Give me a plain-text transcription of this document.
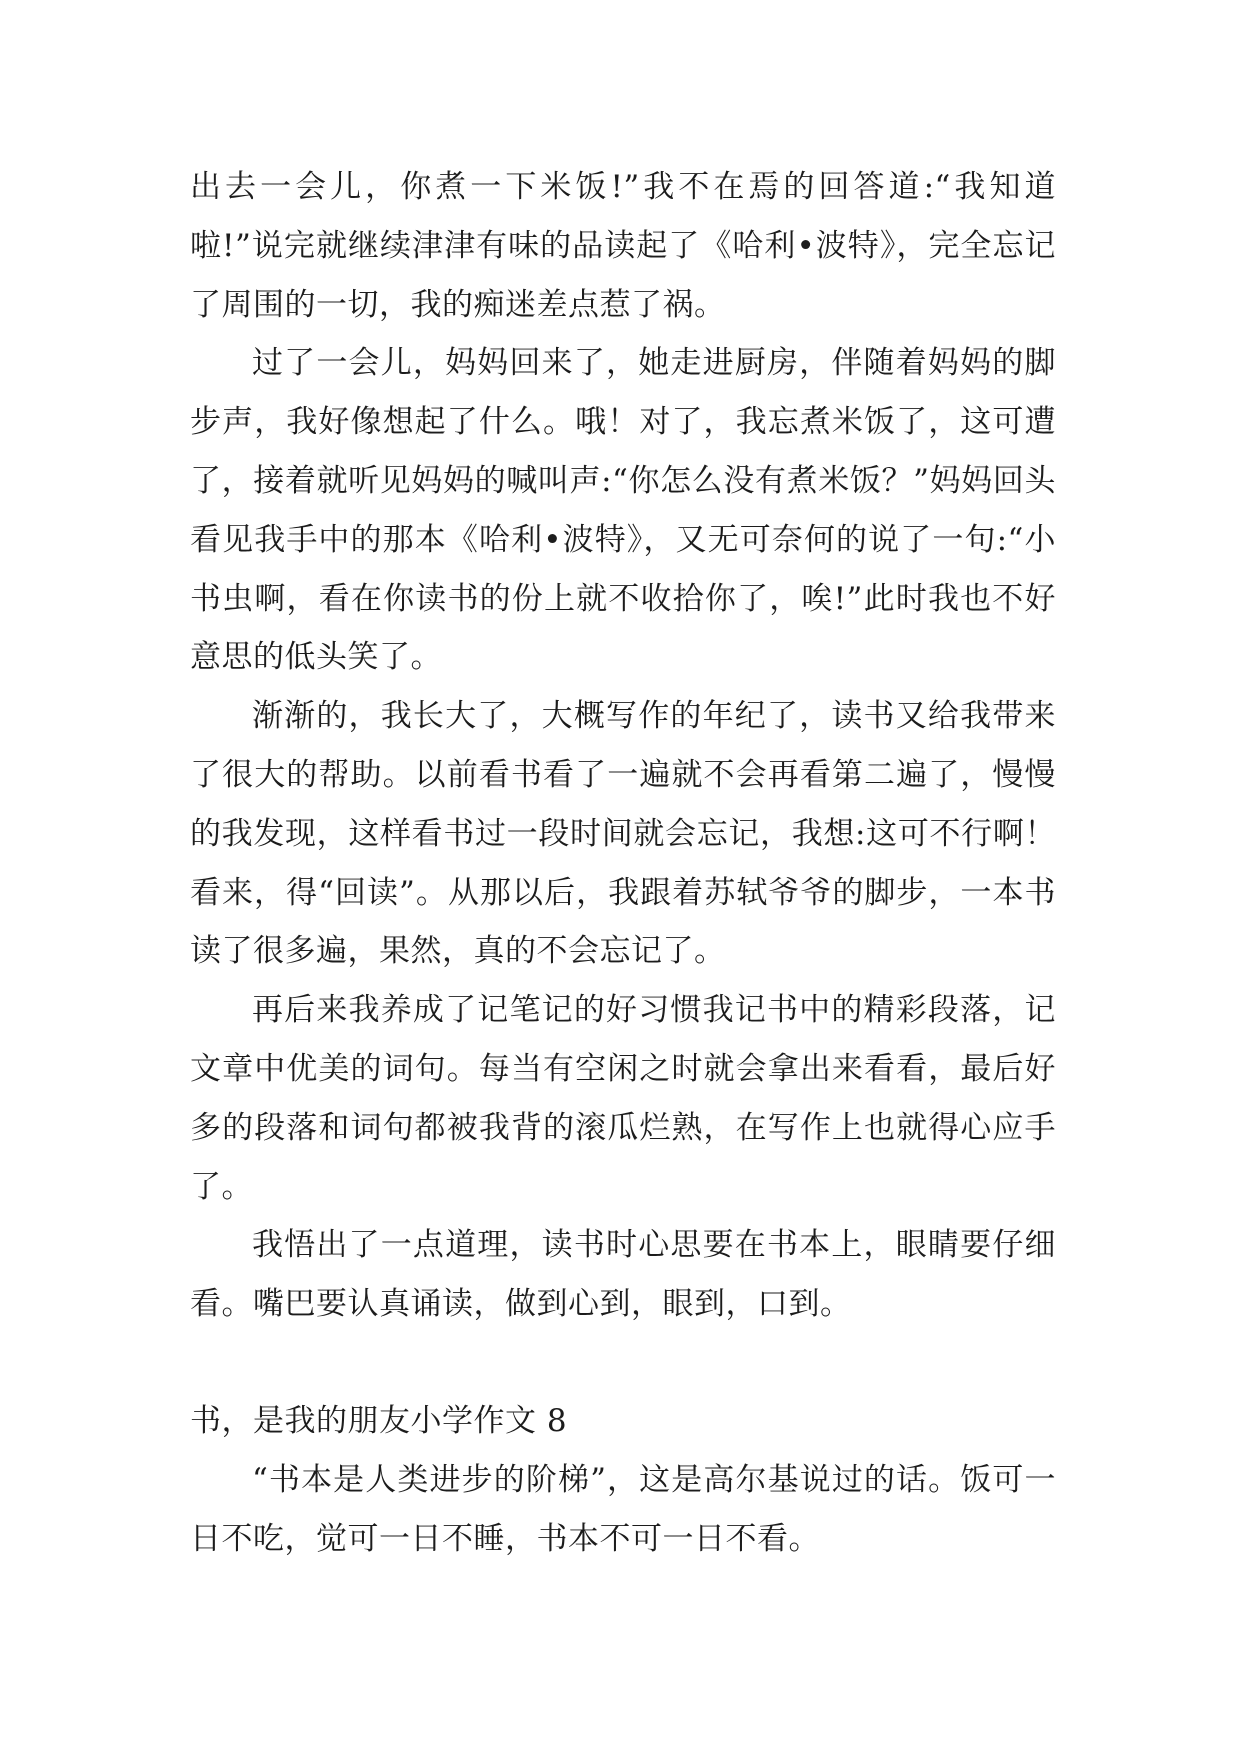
出去一会儿，你煮一下米饭!”我不在焉的回答道:“我知道啦!”说完就继续津津有味的品读起了《哈利•波特》，完全忘记了周围的一切，我的痴迷差点惹了祸。

过了一会儿，妈妈回来了，她走进厨房，伴随着妈妈的脚步声，我好像想起了什么。哦！对了，我忘煮米饭了，这可遭了，接着就听见妈妈的喊叫声:“你怎么没有煮米饭？”妈妈回头看见我手中的那本《哈利•波特》，又无可奈何的说了一句:“小书虫啊，看在你读书的份上就不收拾你了，唉!”此时我也不好意思的低头笑了。

渐渐的，我长大了，大概写作的年纪了，读书又给我带来了很大的帮助。以前看书看了一遍就不会再看第二遍了，慢慢的我发现，这样看书过一段时间就会忘记，我想:这可不行啊！看来，得“回读”。从那以后，我跟着苏轼爷爷的脚步，一本书读了很多遍，果然，真的不会忘记了。

再后来我养成了记笔记的好习惯我记书中的精彩段落，记文章中优美的词句。每当有空闲之时就会拿出来看看，最后好多的段落和词句都被我背的滚瓜烂熟，在写作上也就得心应手了。

我悟出了一点道理，读书时心思要在书本上，眼睛要仔细看。嘴巴要认真诵读，做到心到，眼到，口到。

书，是我的朋友小学作文 8

“书本是人类进步的阶梯”，这是高尔基说过的话。饭可一日不吃，觉可一日不睡，书本不可一日不看。
